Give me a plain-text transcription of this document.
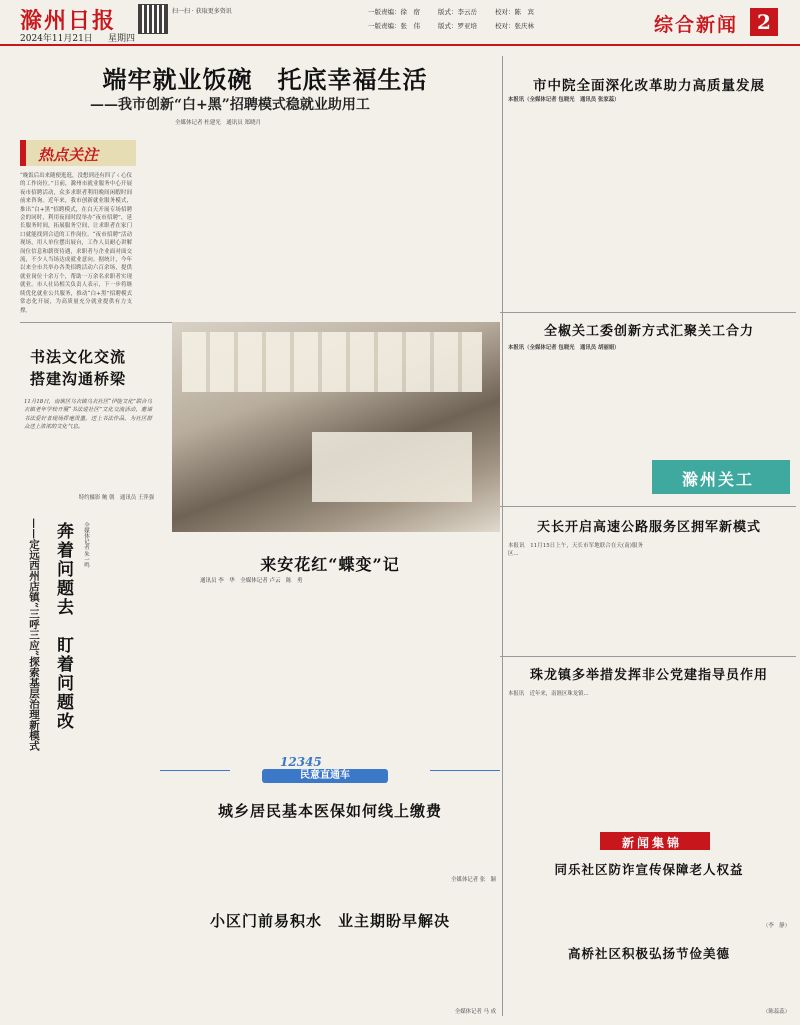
滁州日报
2024年11月21日 星期四
扫一扫 · 获取更多资讯	一版责编：徐　宿	版式：李云岳	校对：陈　宾
一版责编：张　伟	版式：罗亚培	校对：张庆林	综合新闻 2
端牢就业饭碗　托底幸福生活
——我市创新“白+黑”招聘模式稳就业助用工
全媒体记者 杜建光　通讯员 郑晓月
热点关注
“晚饭后出来随便逛逛，没想到还有四了ㄑ心仪的工作岗位。”日前，滁州市就业服务中心开展夜市招聘活动，众多求职者利用晚间闲暇时间前来咨询。近年来，我市创新就业服务模式，推出“白+黑”招聘模式，在白天开展专场招聘会的同时，利用夜间时段举办“夜市招聘”，延长服务时间，拓展服务空间，让求职者在家门口就能找到合适的工作岗位。“夜市招聘”活动现场，用人单位摆出展台，工作人员耐心讲解岗位信息和薪资待遇，求职者与企业面对面交流，不少人当场达成就业意向。据统计，今年以来全市共举办各类招聘活动六百余场，提供就业岗位十余万个，帮助一万余名求职者实现就业。市人社局相关负责人表示，下一步将继续优化就业公共服务，推动“白+黑”招聘模式常态化开展，为高质量充分就业提供有力支撑。
市中院全面深化改革助力高质量发展
本报讯（全媒体记者 包晓光　通讯员 张家蕊）
书法文化交流
搭建沟通桥梁
11月18日，南谯区乌衣镇乌衣社区“伊能文化”联合乌衣镇老年学校开展“书法进社区”文化交流活动，邀请书法爱好者现场挥毫泼墨，送上书法作品，为社区群众送上浓浓的文化气息。
特约摄影 鲍 朝　通讯员 王萍强
奔着问题去　盯着问题改
——定远西州店镇“三呼三应”探索基层治理新模式	全媒体记者 朱一鸣	来安花红“蝶变”记
通讯员 李　华　全媒体记者 卢云　陈　勇
12345
民意直通车
城乡居民基本医保如何线上缴费
全媒体记者 张　颖
小区门前易积水　业主期盼早解决
全媒体记者 马 成
全椒关工委创新方式汇聚关工合力
本报讯（全媒体记者 包晓光　通讯员 胡丽娟）
滁州关工
天长开启高速公路服务区拥军新模式
本报讯　11月15日上午，天长市军地联合在天(南)服务区...
珠龙镇多举措发挥非公党建指导员作用
本报讯　近年来，南谯区珠龙镇...
新闻集锦
同乐社区防诈宣传保障老人权益
（李　静）
高桥社区积极弘扬节俭美德
（陈蕊蕊）
